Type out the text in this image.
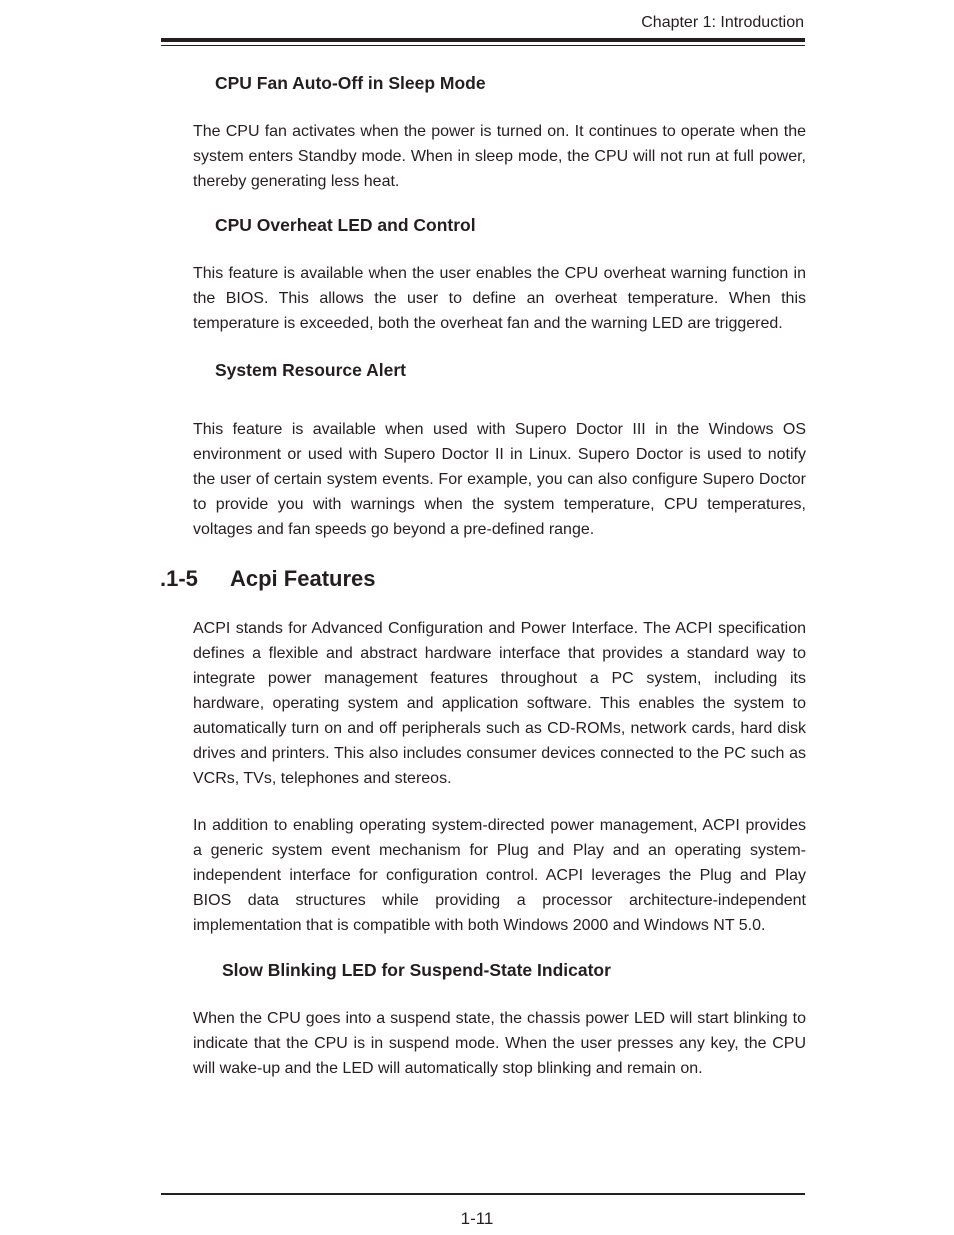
Chapter 1: Introduction
CPU Fan Auto-Off in Sleep Mode
The CPU fan activates when the power is turned on. It continues to operate when the system enters Standby mode. When in sleep mode, the CPU will not run at full power, thereby generating less heat.
CPU Overheat LED and Control
This feature is available when the user enables the CPU overheat warning function in the BIOS. This allows the user to define an overheat temperature. When this temperature is exceeded, both the overheat fan and the warning LED are triggered.
System Resource Alert
This feature is available when used with Supero Doctor III in the Windows OS environment or used with Supero Doctor II in Linux. Supero Doctor is used to notify the user of certain system events. For example, you can also configure Supero Doctor to provide you with warnings when the system temperature, CPU temperatures, voltages and fan speeds go beyond a pre-defined range.
.1-5 Acpi Features
ACPI stands for Advanced Configuration and Power Interface. The ACPI specification defines a flexible and abstract hardware interface that provides a standard way to integrate power management features throughout a PC system, including its hardware, operating system and application software. This enables the system to automatically turn on and off peripherals such as CD-ROMs, network cards, hard disk drives and printers. This also includes consumer devices connected to the PC such as VCRs, TVs, telephones and stereos.
In addition to enabling operating system-directed power management, ACPI provides a generic system event mechanism for Plug and Play and an operating system-independent interface for configuration control. ACPI leverages the Plug and Play BIOS data structures while providing a processor architecture-independent implementation that is compatible with both Windows 2000 and Windows NT 5.0.
Slow Blinking LED for Suspend-State Indicator
When the CPU goes into a suspend state, the chassis power LED will start blinking to indicate that the CPU is in suspend mode. When the user presses any key, the CPU will wake-up and the LED will automatically stop blinking and remain on.
1-11
